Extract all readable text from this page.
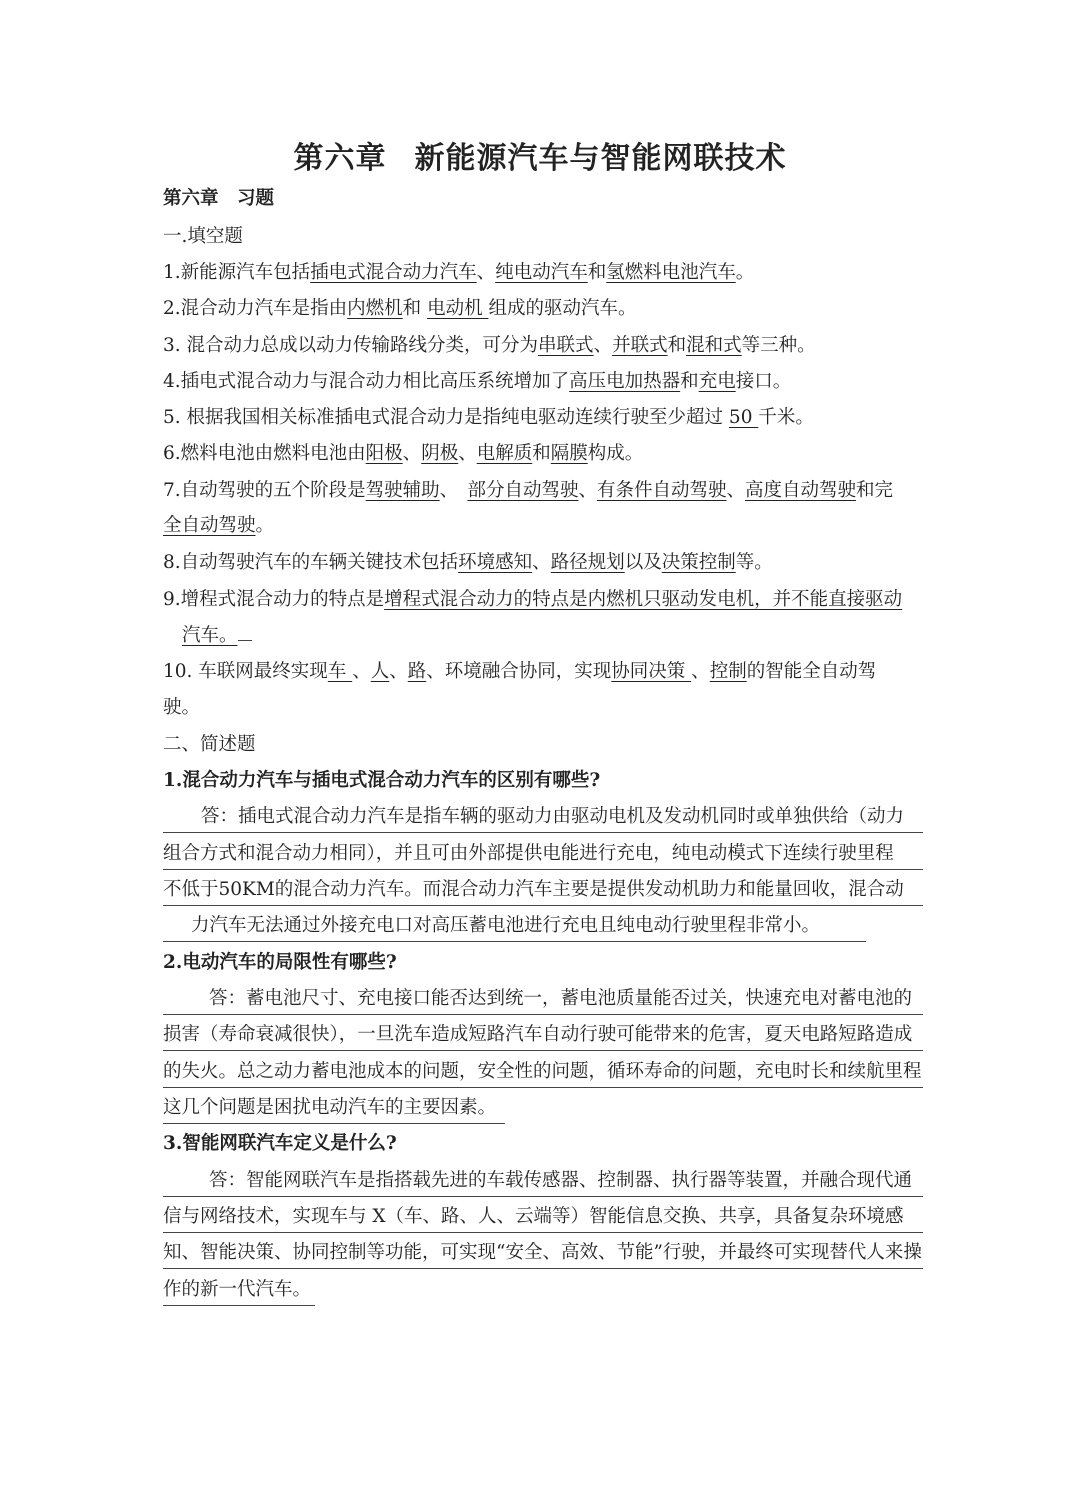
第六章 新能源汽车与智能网联技术
第六章　习题
一.填空题
1.新能源汽车包括插电式混合动力汽车、纯电动汽车和氢燃料电池汽车。
2.混合动力汽车是指由内燃机和 电动机 组成的驱动汽车。
3. 混合动力总成以动力传输路线分类，可分为串联式、并联式和混和式等三种。
4.插电式混合动力与混合动力相比高压系统增加了高压电加热器和充电接口。
5. 根据我国相关标准插电式混合动力是指纯电驱动连续行驶至少超过 50 千米。
6.燃料电池由燃料电池由阳极、阴极、电解质和隔膜构成。
7.自动驾驶的五个阶段是驾驶辅助、　部分自动驾驶、有条件自动驾驶、高度自动驾驶和完
全自动驾驶。
8.自动驾驶汽车的车辆关键技术包括环境感知、路径规划以及决策控制等。
9.增程式混合动力的特点是增程式混合动力的特点是内燃机只驱动发电机，并不能直接驱动
汽车。
10. 车联网最终实现车 、人、路、环境融合协同，实现协同决策 、控制的智能全自动驾
驶。
二、简述题
1.混合动力汽车与插电式混合动力汽车的区别有哪些?
答：插电式混合动力汽车是指车辆的驱动力由驱动电机及发动机同时或单独供给（动力
组合方式和混合动力相同），并且可由外部提供电能进行充电，纯电动模式下连续行驶里程
不低于50KM的混合动力汽车。而混合动力汽车主要是提供发动机助力和能量回收，混合动
力汽车无法通过外接充电口对高压蓄电池进行充电且纯电动行驶里程非常小。
2.电动汽车的局限性有哪些?
答：蓄电池尺寸、充电接口能否达到统一，蓄电池质量能否过关，快速充电对蓄电池的
损害（寿命衰减很快），一旦洗车造成短路汽车自动行驶可能带来的危害，夏天电路短路造成
的失火。总之动力蓄电池成本的问题，安全性的问题，循环寿命的问题，充电时长和续航里程
这几个问题是困扰电动汽车的主要因素。
3.智能网联汽车定义是什么?
答：智能网联汽车是指搭载先进的车载传感器、控制器、执行器等装置，并融合现代通
信与网络技术，实现车与 X（车、路、人、云端等）智能信息交换、共享，具备复杂环境感
知、智能决策、协同控制等功能，可实现“安全、高效、节能”行驶，并最终可实现替代人来操
作的新一代汽车。
